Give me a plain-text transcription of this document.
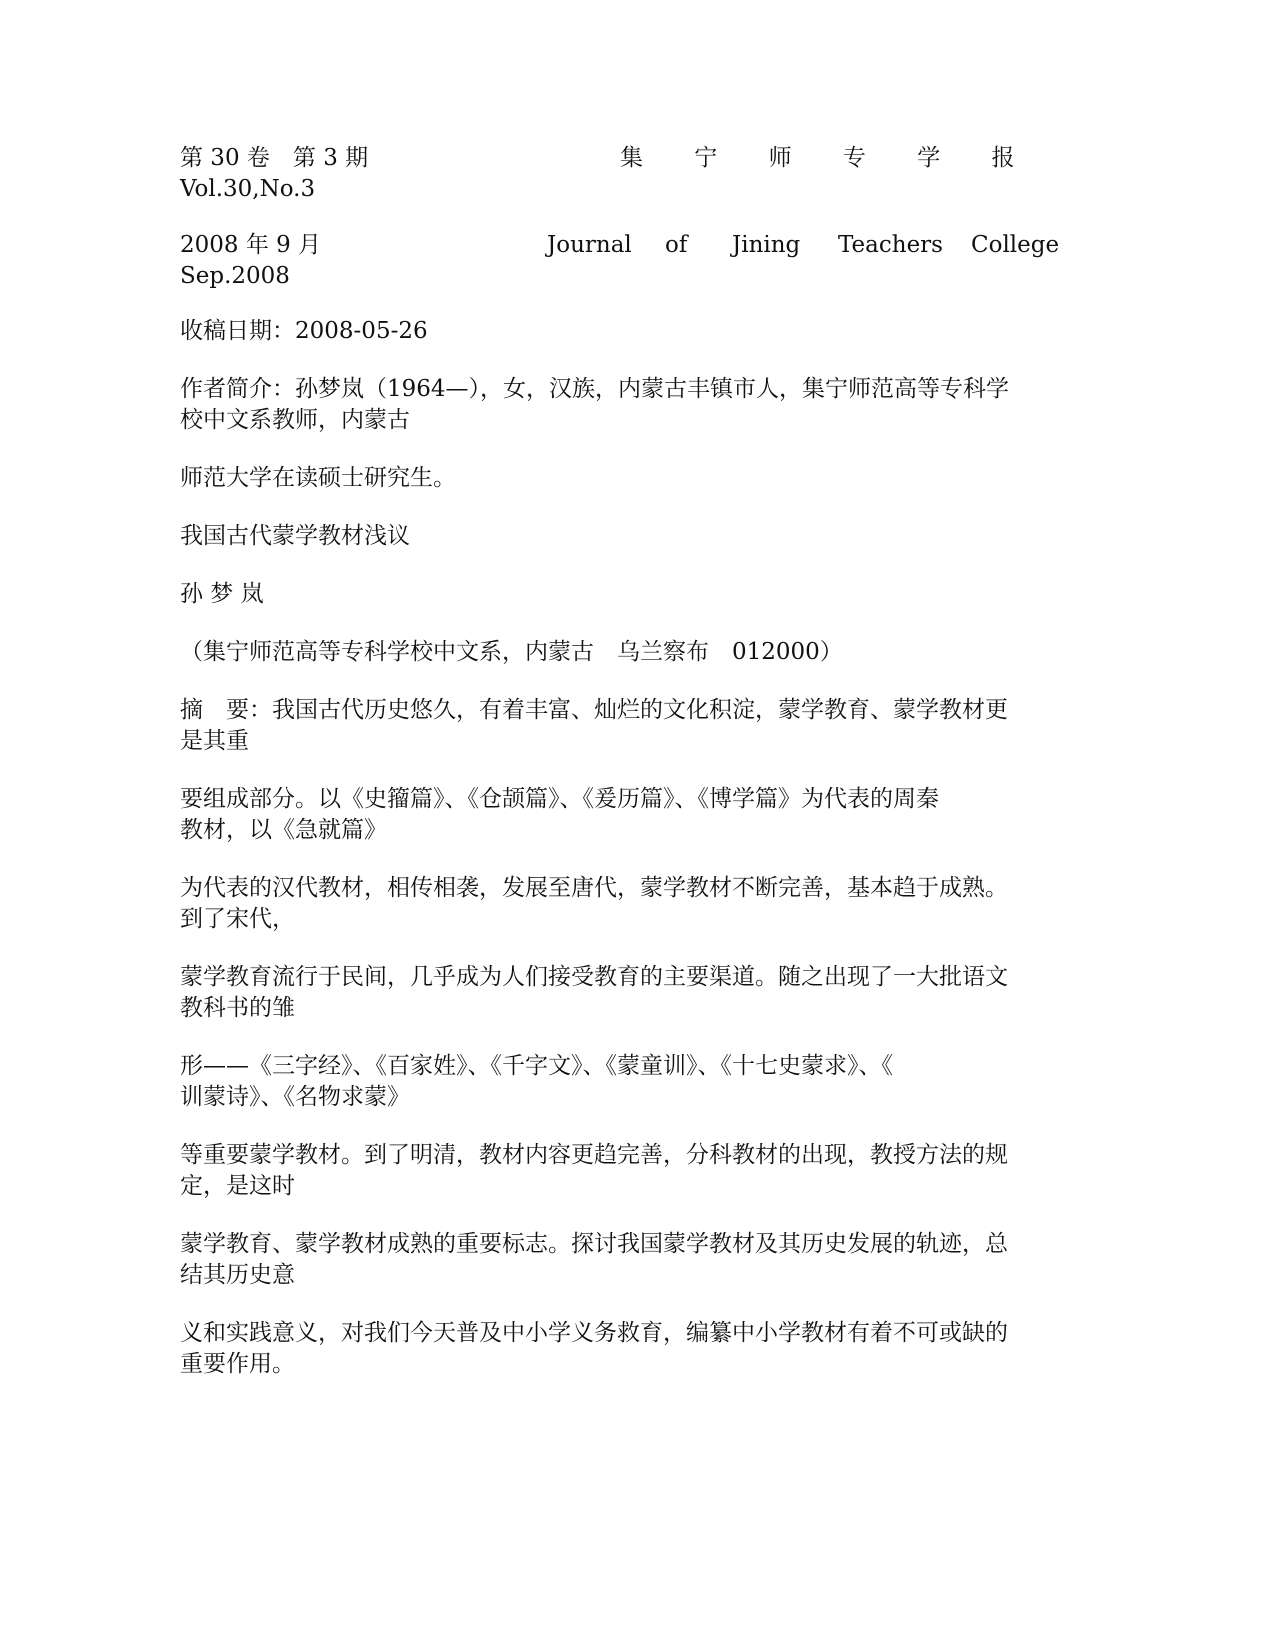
第 30 卷　第 3 期	集 宁 师 专 学 报
Vol.30,No.3
2008 年 9 月	Journal of Jining Teachers College
Sep.2008
收稿日期：2008-05-26
作者简介：孙梦岚（1964—），女，汉族，内蒙古丰镇市人，集宁师范高等专科学
校中文系教师，内蒙古
师范大学在读硕士研究生。
我国古代蒙学教材浅议
孙 梦 岚
（集宁师范高等专科学校中文系，内蒙古　乌兰察布　012000）
摘　要：我国古代历史悠久，有着丰富、灿烂的文化积淀，蒙学教育、蒙学教材更
是其重
要组成部分。以《史籀篇》、《仓颉篇》、《爰历篇》、《博学篇》为代表的周秦
教材，以《急就篇》
为代表的汉代教材，相传相袭，发展至唐代，蒙学教材不断完善，基本趋于成熟。
到了宋代，
蒙学教育流行于民间，几乎成为人们接受教育的主要渠道。随之出现了一大批语文
教科书的雏
形——《三字经》、《百家姓》、《千字文》、《蒙童训》、《十七史蒙求》、《
训蒙诗》、《名物求蒙》
等重要蒙学教材。到了明清，教材内容更趋完善，分科教材的出现，教授方法的规
定，是这时
蒙学教育、蒙学教材成熟的重要标志。探讨我国蒙学教材及其历史发展的轨迹，总
结其历史意
义和实践意义，对我们今天普及中小学义务救育，编纂中小学教材有着不可或缺的
重要作用。
